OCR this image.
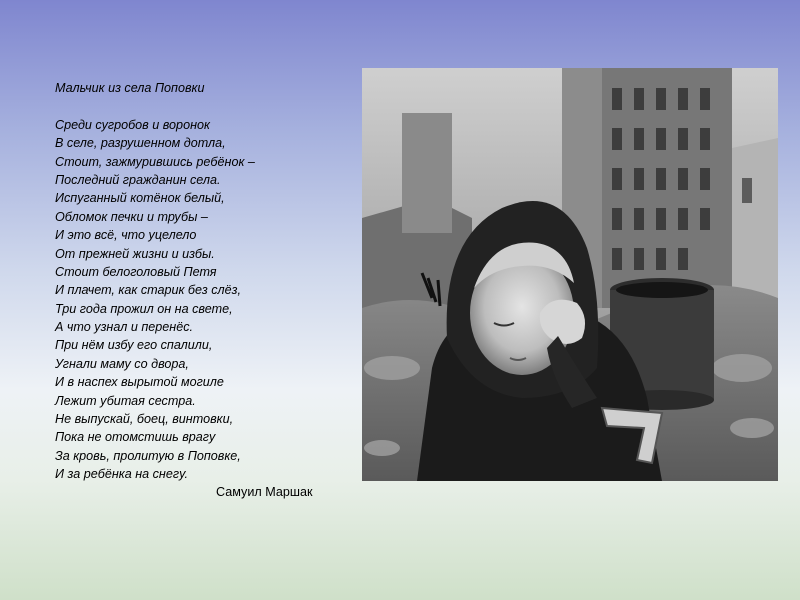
Мальчик из села Поповки
Среди сугробов и воронок
В селе, разрушенном дотла,
Стоит, зажмурившись ребёнок –
Последний гражданин села.
Испуганный котёнок белый,
Обломок печки и трубы –
И это всё, что уцелело
От прежней жизни и избы.
Стоит белоголовый Петя
И плачет, как старик без слёз,
Три года прожил он на свете,
А что узнал и перенёс.
При нём избу его спалили,
Угнали маму со двора,
И в наспех вырытой могиле
Лежит убитая сестра.
Не выпускай, боец, винтовки,
Пока не отомстишь врагу
За кровь, пролитую в Поповке,
И за ребёнка на снегу.
Самуил Маршак
